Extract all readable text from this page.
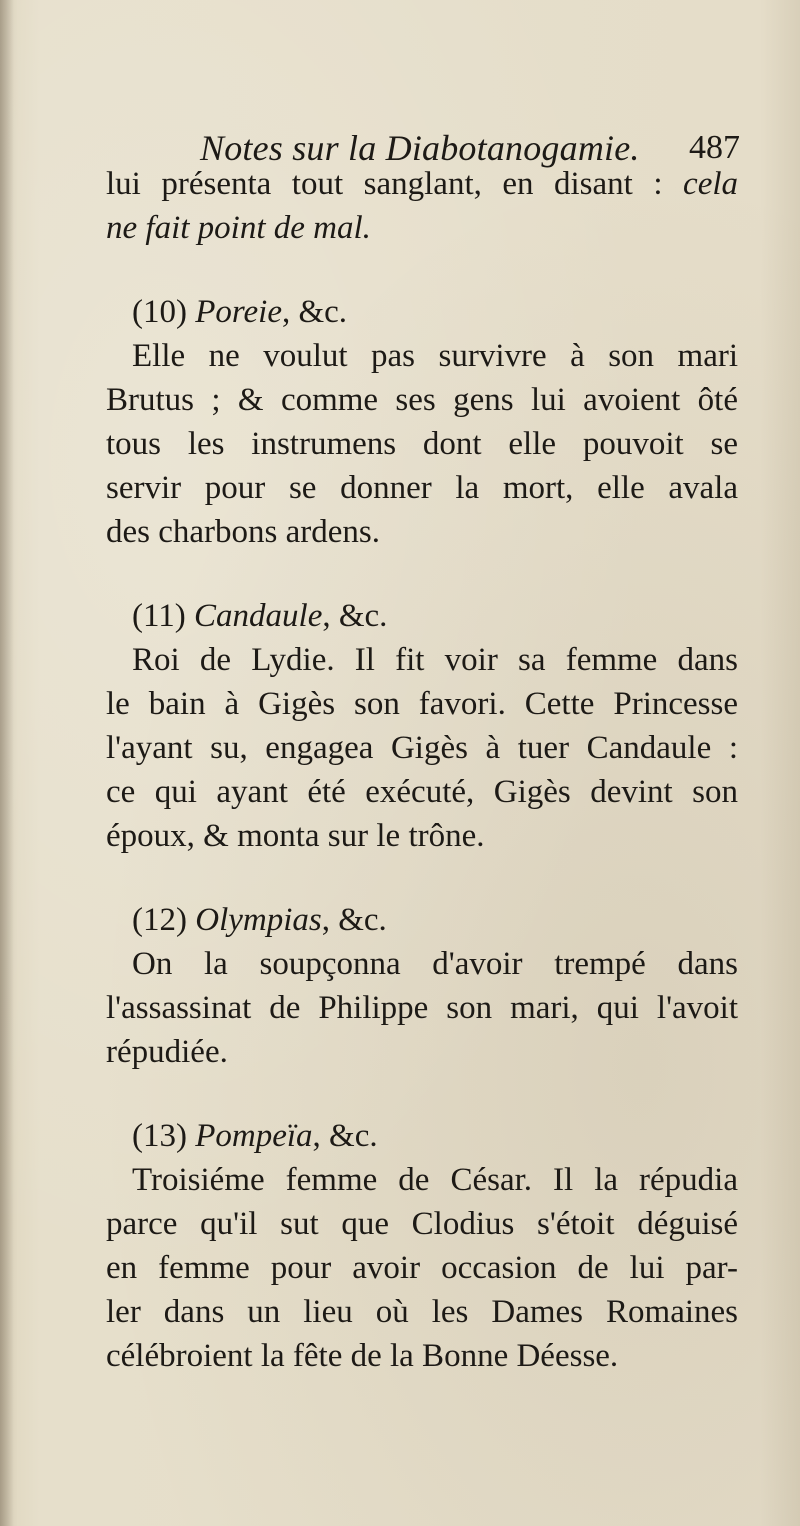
Notes sur la Diabotanogamie. 487
lui présenta tout sanglant, en disant : cela
ne fait point de mal.
(10) Poreie, &c.
Elle ne voulut pas survivre à son mari
Brutus ; & comme ses gens lui avoient ôté
tous les instrumens dont elle pouvoit se
servir pour se donner la mort, elle avala
des charbons ardens.
(11) Candaule, &c.
Roi de Lydie. Il fit voir sa femme dans
le bain à Gigès son favori. Cette Princesse
l'ayant su, engagea Gigès à tuer Candaule :
ce qui ayant été exécuté, Gigès devint son
époux, & monta sur le trône.
(12) Olympias, &c.
On la soupçonna d'avoir trempé dans
l'assassinat de Philippe son mari, qui l'avoit
répudiée.
(13) Pompeïa, &c.
Troisiéme femme de César. Il la répudia
parce qu'il sut que Clodius s'étoit déguisé
en femme pour avoir occasion de lui par-
ler dans un lieu où les Dames Romaines
célébroient la fête de la Bonne Déesse.
